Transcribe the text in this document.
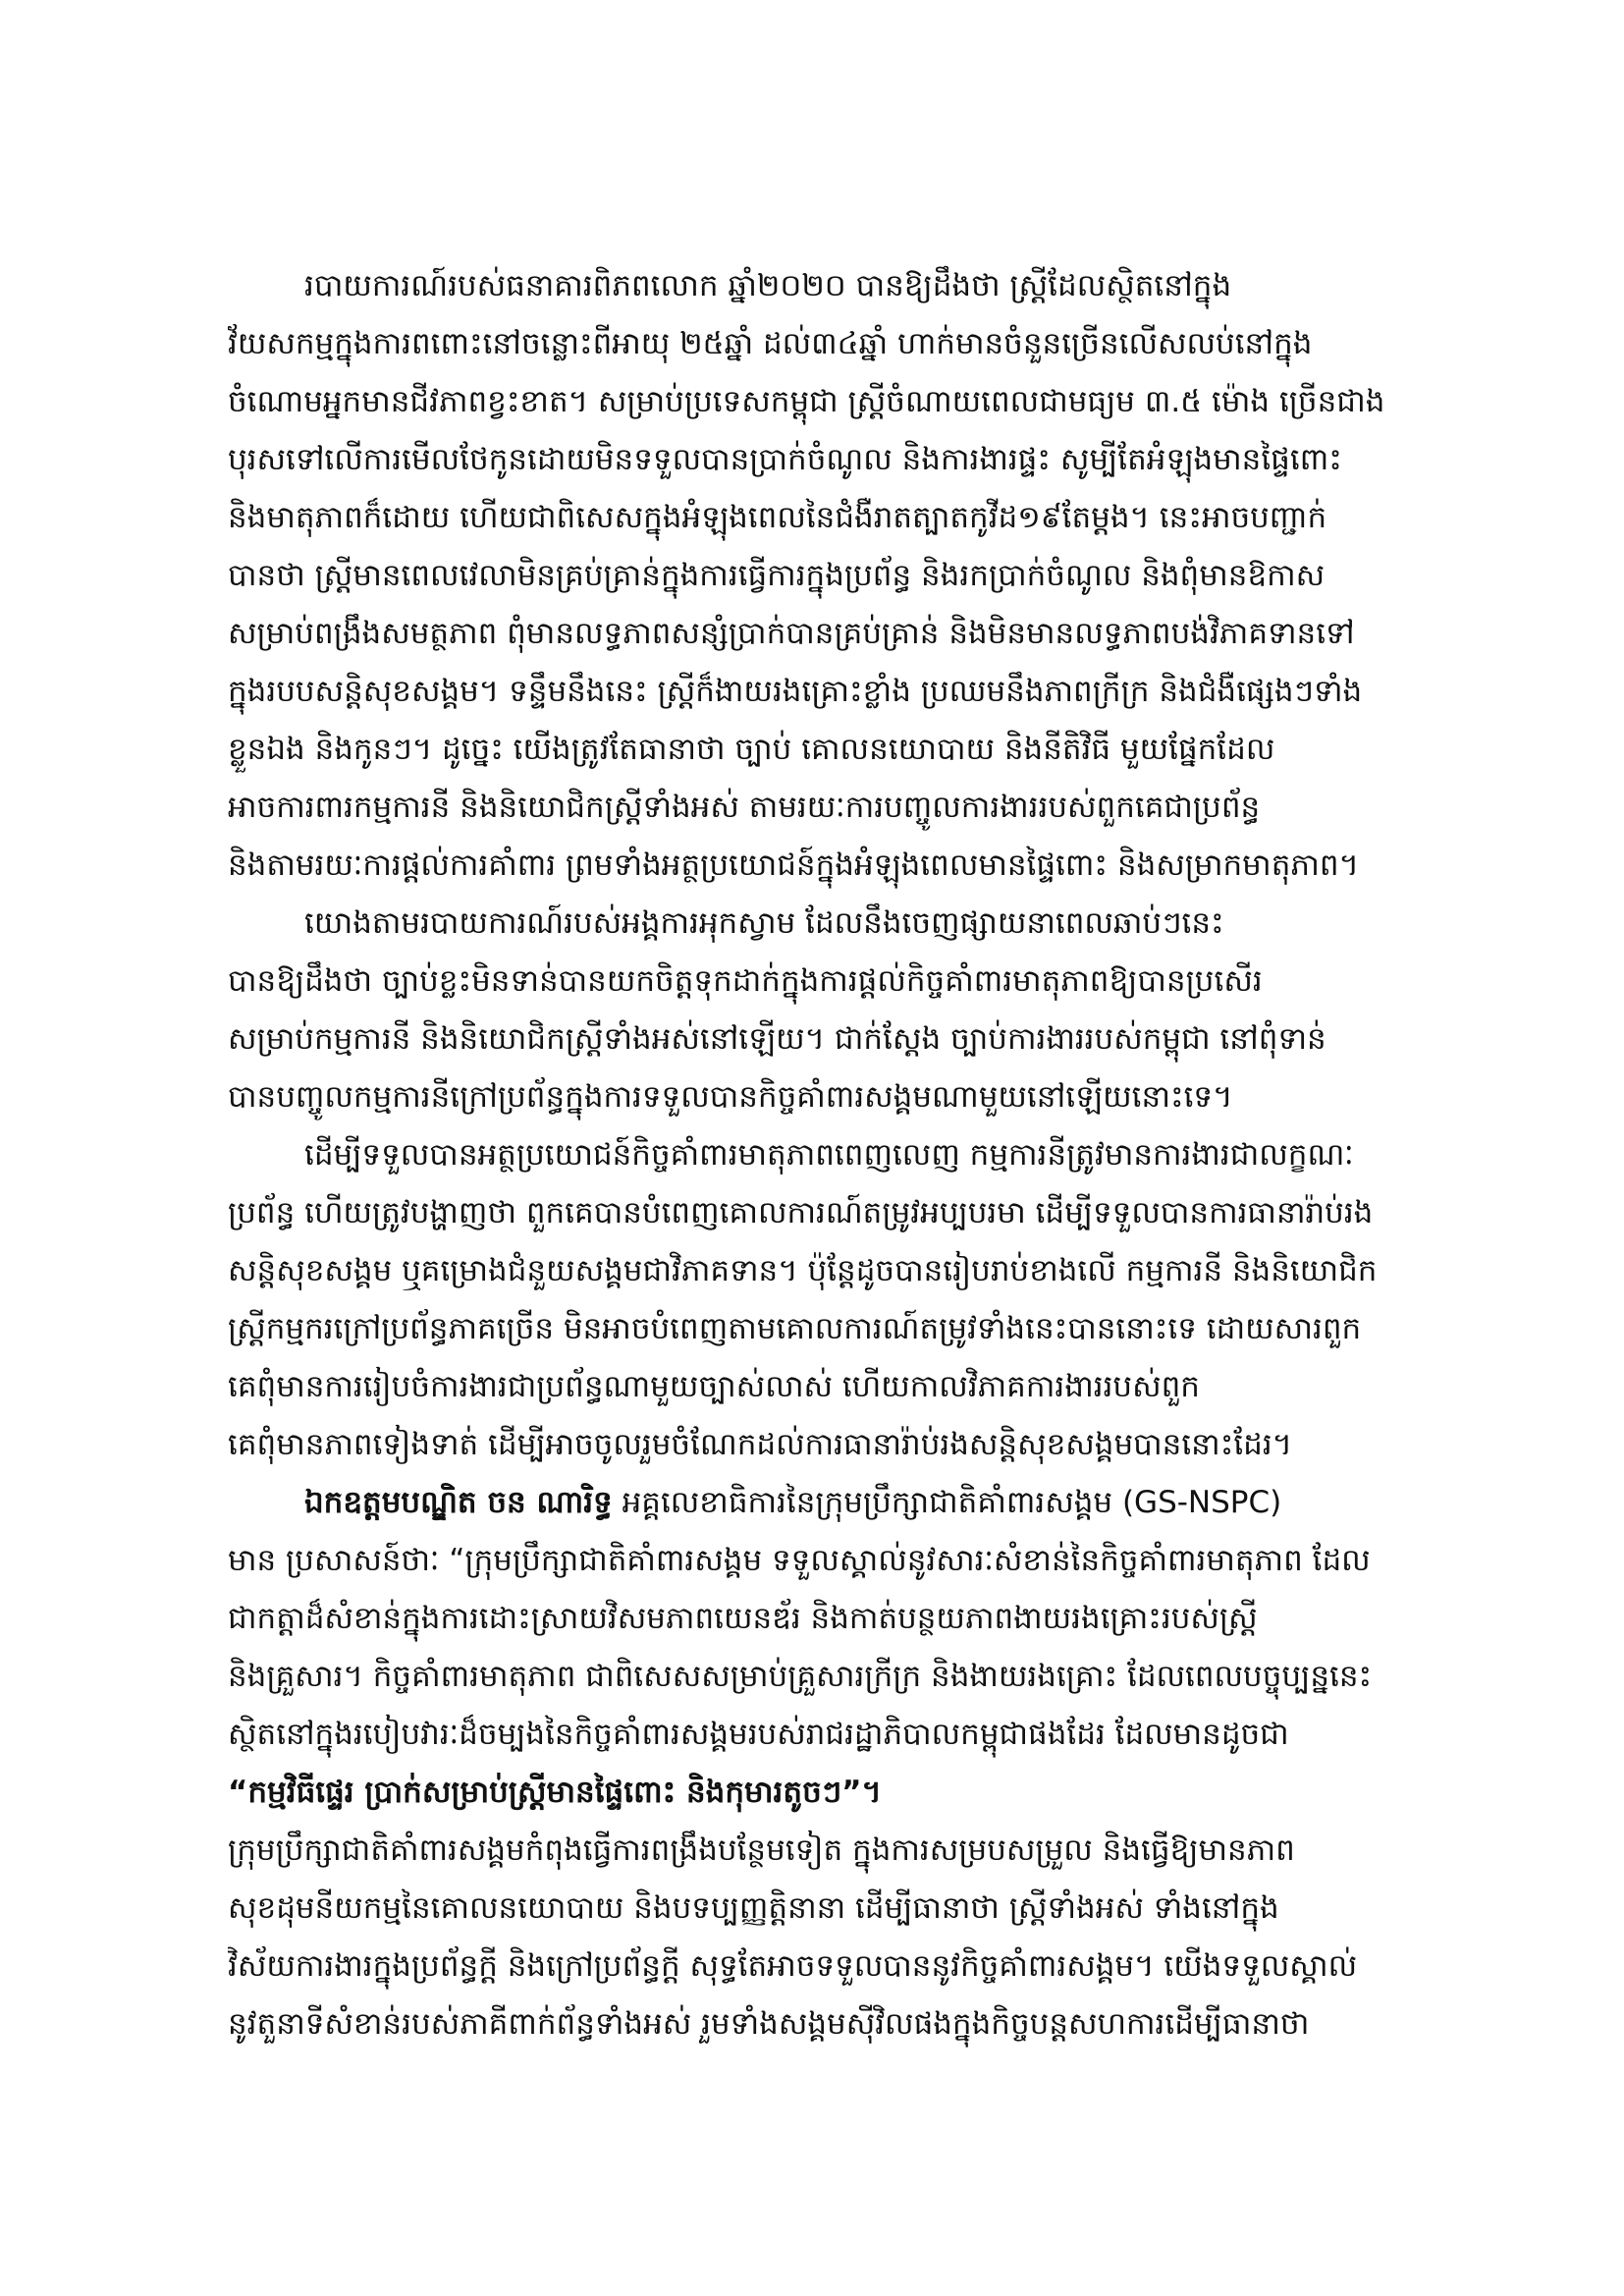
របាយការណ៍របស់ធនាគារពិភពលោក ឆ្នាំ២០២០ បានឱ្យដឹងថា ស្ត្រីដែលស្ថិតនៅក្នុង
វ័យសកម្មក្នុងការពពោះនៅចន្លោះពីអាយុ ២៥ឆ្នាំ ដល់៣៤ឆ្នាំ ហាក់មានចំនួនច្រើនលើសលប់នៅក្នុង
ចំណោមអ្នកមានជីវភាពខ្វះខាត។ សម្រាប់ប្រទេសកម្ពុជា ស្ត្រីចំណាយពេលជាមធ្យម ៣.៥ ម៉ោង ច្រើនជាង
បុរសទៅលើការមើលថែកូនដោយមិនទទួលបានប្រាក់ចំណូល និងការងារផ្ទះ សូម្បីតែអំឡុងមានផ្ទៃពោះ
និងមាតុភាពក៏ដោយ ហើយជាពិសេសក្នុងអំឡុងពេលនៃជំងឺរាតត្បាតកូវីដ១៩តែម្តង។ នេះអាចបញ្ជាក់
បានថា ស្ត្រីមានពេលវេលាមិនគ្រប់គ្រាន់ក្នុងការធ្វើការក្នុងប្រព័ន្ធ និងរកប្រាក់ចំណូល និងពុំមានឱកាស
សម្រាប់ពង្រឹងសមត្ថភាព ពុំមានលទ្ធភាពសន្សំប្រាក់បានគ្រប់គ្រាន់ និងមិនមានលទ្ធភាពបង់វិភាគទានទៅ
ក្នុងរបបសន្តិសុខសង្គម។ ទន្ទឹមនឹងនេះ ស្ត្រីក៏ងាយរងគ្រោះខ្លាំង ប្រឈមនឹងភាពក្រីក្រ និងជំងឺផ្សេងៗទាំង
ខ្លួនឯង និងកូនៗ។ ដូច្នេះ យើងត្រូវតែធានាថា ច្បាប់ គោលនយោបាយ និងនីតិវិធី មួយផ្នែកដែល
អាចការពារកម្មការនី និងនិយោជិកស្ត្រីទាំងអស់ តាមរយៈការបញ្ចូលការងាររបស់ពួកគេជាប្រព័ន្ធ
និងតាមរយៈការផ្តល់ការគាំពារ ព្រមទាំងអត្ថប្រយោជន៍ក្នុងអំឡុងពេលមានផ្ទៃពោះ និងសម្រាកមាតុភាព។
យោងតាមរបាយការណ៍របស់អង្គការអុកស្វាម ដែលនឹងចេញផ្សាយនាពេលឆាប់ៗនេះ
បានឱ្យដឹងថា ច្បាប់ខ្លះមិនទាន់បានយកចិត្តទុកដាក់ក្នុងការផ្តល់កិច្ចគាំពារមាតុភាពឱ្យបានប្រសើរ
សម្រាប់កម្មការនី និងនិយោជិកស្ត្រីទាំងអស់នៅឡើយ។ ជាក់ស្តែង ច្បាប់ការងាររបស់កម្ពុជា នៅពុំទាន់
បានបញ្ចូលកម្មការនីក្រៅប្រព័ន្ធក្នុងការទទួលបានកិច្ចគាំពារសង្គមណាមួយនៅឡើយនោះទេ។
ដើម្បីទទួលបានអត្ថប្រយោជន៍កិច្ចគាំពារមាតុភាពពេញលេញ កម្មការនីត្រូវមានការងារជាលក្ខណៈ
ប្រព័ន្ធ ហើយត្រូវបង្ហាញថា ពួកគេបានបំពេញគោលការណ៍តម្រូវអប្បបរមា ដើម្បីទទួលបានការធានារ៉ាប់រង
សន្តិសុខសង្គម ឬគម្រោងជំនួយសង្គមជាវិភាគទាន។ ប៉ុន្តែដូចបានរៀបរាប់ខាងលើ កម្មការនី និងនិយោជិក
ស្ត្រីកម្មករក្រៅប្រព័ន្ធភាគច្រើន មិនអាចបំពេញតាមគោលការណ៍តម្រូវទាំងនេះបាននោះទេ ដោយសារពួក
គេពុំមានការរៀបចំការងារជាប្រព័ន្ធណាមួយច្បាស់លាស់ ហើយកាលវិភាគការងាររបស់ពួក
គេពុំមានភាពទៀងទាត់ ដើម្បីអាចចូលរួមចំណែកដល់ការធានារ៉ាប់រងសន្តិសុខសង្គមបាននោះដែរ។
ឯកឧត្តមបណ្ឌិត ចន ណារិទ្ធ អគ្គលេខាធិការនៃក្រុមប្រឹក្សាជាតិគាំពារសង្គម (GS-NSPC)
មាន ប្រសាសន៍ថាៈ “ក្រុមប្រឹក្សាជាតិគាំពារសង្គម ទទួលស្គាល់នូវសារៈសំខាន់នៃកិច្ចគាំពារមាតុភាព ដែល
ជាកត្តាដ៏សំខាន់ក្នុងការដោះស្រាយវិសមភាពយេនឌ័រ និងកាត់បន្ថយភាពងាយរងគ្រោះរបស់ស្ត្រី
និងគ្រួសារ។ កិច្ចគាំពារមាតុភាព ជាពិសេសសម្រាប់គ្រួសារក្រីក្រ និងងាយរងគ្រោះ ដែលពេលបច្ចុប្បន្ននេះ
ស្ថិតនៅក្នុងរបៀបវារៈដ៏ចម្បងនៃកិច្ចគាំពារសង្គមរបស់រាជរដ្ឋាភិបាលកម្ពុជាផងដែរ ដែលមានដូចជា
“កម្មវិធីផ្ទេរ ប្រាក់សម្រាប់ស្ត្រីមានផ្ទៃពោះ និងកុមារតូចៗ”។
ក្រុមប្រឹក្សាជាតិគាំពារសង្គមកំពុងធ្វើការពង្រឹងបន្ថែមទៀត ក្នុងការសម្របសម្រួល និងធ្វើឱ្យមានភាព
សុខដុមនីយកម្មនៃគោលនយោបាយ និងបទប្បញ្ញត្តិនានា ដើម្បីធានាថា ស្ត្រីទាំងអស់ ទាំងនៅក្នុង
វិស័យការងារក្នុងប្រព័ន្ធក្តី និងក្រៅប្រព័ន្ធក្តី សុទ្ធតែអាចទទួលបាននូវកិច្ចគាំពារសង្គម។ យើងទទួលស្គាល់
នូវតួនាទីសំខាន់របស់ភាគីពាក់ព័ន្ធទាំងអស់ រួមទាំងសង្គមស៊ីវិលផងក្នុងកិច្ចបន្តសហការដើម្បីធានាថា
